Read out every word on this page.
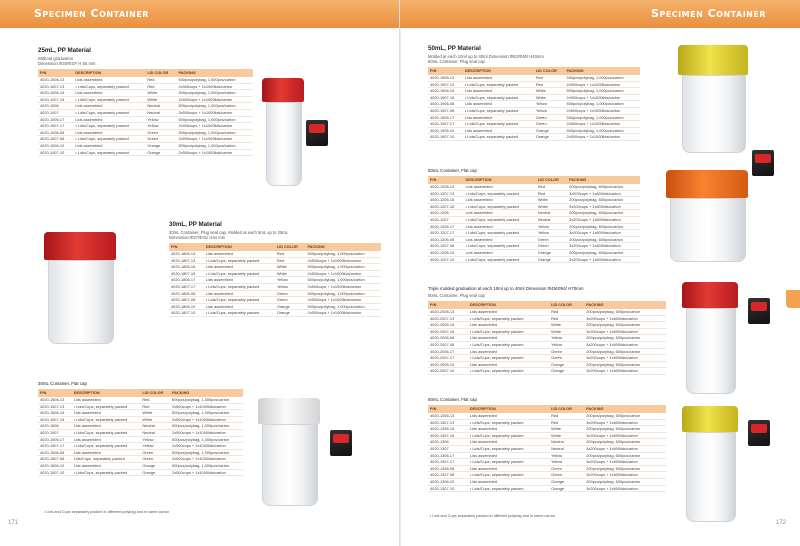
Specimen Container
25mL, PP Material
Without graduation
Dimension:Φ30/Φ37/ H 55 mm
P/N	DESCRIPTION	LID COLOR	PACKING
4020-1006-13	Lids assembled	Red	500pcs/polybag, 1,000pcs/carton
4020-1007-13	• Lids/Cups, separately packed	Red	2x500cups + 1x1000lids/carton
4020-1006-16	Lids assembled	White	500pcs/polybag, 1,000pcs/carton
4020-1007-16	• Lids/Cups, separately packed	White	2x500cups + 1x1000lids/carton
4020-1006	Lids assembled	Neutral	500pcs/polybag, 1,000pcs/carton
4020-1007	• Lids/Cups, separately packed	Neutral	2x500cups + 1x1000lids/carton
4020-1006-17	Lids assembled	Yellow	500pcs/polybag, 1,000pcs/carton
4020-1007-17	• Lids/Cups, separately packed	Yellow	2x500cups + 1x1000lids/carton
4020-1006-08	Lids assembled	Green	500pcs/polybag, 1,000pcs/carton
4020-1007-08	• Lids/Cups, separately packed	Green	2x500cups + 1x1000lids/carton
4020-1006-10	Lids assembled	Orange	500pcs/polybag, 1,000pcs/carton
4020-1007-10	• Lids/Cups, separately packed	Orange	2x500cups + 1x1000lids/carton
30mL, PP Material
30mL Container, Plug seal cap, Molded at each 5mL up to 25mL
Dimension:Φ37/Φ41/ H44 mm
P/N	DESCRIPTION	LID COLOR	PACKING
4020-1806-13	Lids assembled	Red	500pcs/polybag, 1,000pcs/carton
4020-1807-13	• Lids/Cups, separately packed	Red	2x500cups + 1x1000lids/carton
4020-1806-16	Lids assembled	White	500pcs/polybag, 1,000pcs/carton
4020-1807-16	• Lids/Cups, separately packed	White	2x500cups + 1x1000lids/carton
4020-1806-17	Lids assembled	Yellow	500pcs/polybag, 1,000pcs/carton
4020-1807-17	• Lids/Cups, separately packed	Yellow	2x500cups + 1x1000lids/carton
4020-1806-08	Lids assembled	Green	500pcs/polybag, 1,000pcs/carton
4020-1807-08	• Lids/Cups, separately packed	Green	2x500cups + 1x1000lids/carton
4020-1806-10	Lids assembled	Orange	500pcs/polybag, 1,000pcs/carton
4020-1807-10	• Lids/Cups, separately packed	Orange	2x500cups + 1x1000lids/carton
30mL Container, Flat cap
P/N	DESCRIPTION	LID COLOR	PACKING
4020-1506-13	Lids assembled	Red	500pcs/polybag, 1,000pcs/carton
4020-1507-13	• Lids/Cups, separately packed	Red	2x500cups + 1x1000lids/carton
4020-1506-16	Lids assembled	White	500pcs/polybag, 1,000pcs/carton
4020-1507-16	• Lids/Cups, separately packed	White	2x500cups + 1x1000lids/carton
4020-1506	Lids assembled	Neutral	500pcs/polybag, 1,000pcs/carton
4020-1507	• Lids/Cups, separately packed	Neutral	2x500cups + 1x1000lids/carton
4020-1506-17	Lids assembled	Yellow	500pcs/polybag, 1,000pcs/carton
4020-1507-17	• Lids/Cups, separately packed	Yellow	2x500cups + 1x1000lids/carton
4020-1506-08	Lids assembled	Green	500pcs/polybag, 1,000pcs/carton
4020-1507-08	Lids/Cups, separately packed	Green	2x500cups + 1x1000lids/carton
4020-1506-10	Lids assembled	Orange	500pcs/polybag, 1,000pcs/carton
4020-1507-10	• Lids/Cups, separately packed	Orange	2x500cups + 1x1000lids/carton
• Lids and Cups separately packed in different polybag and in same carton
171
Specimen Container
50mL, PP Material
Molded at each 10ml up to 40ml Dimension:Φ53/Φ46/ H43mm
50mL Container, Plug seal cap
P/N	DESCRIPTION	LID COLOR	PACKING
4020-1906-13	Lids assembled	Red	500pcs/polybag, 1,000pcs/carton
4020-1907-13	• Lids/Cups, separately packed	Red	2x500cups + 1x1000lids/carton
4020-1906-16	Lids assembled	White	500pcs/polybag, 1,000pcs/carton
4020-1907-16	• Lids/Cups, separately packed	White	2x500cups + 1x1000lids/carton
4020-1906-08	Lids assembled	Yellow	500pcs/polybag, 1,000pcs/carton
4020-1907-08	• Lids/Cups, separately packed	Yellow	2x500cups + 1x1000lids/carton
4020-1906-17	Lids assembled	Green	500pcs/polybag, 1,000pcs/carton
4020-1907-17	• Lids/Cups, separately packed	Green	2x500cups + 1x1000lids/carton
4020-1906-10	Lids assembled	Orange	500pcs/polybag, 1,000pcs/carton
4020-1907-10	• Lids/Cups, separately packed	Orange	2x500cups + 1x1000lids/carton
50mL Container, Flat cap
P/N	DESCRIPTION	LID COLOR	PACKING
4020-1206-13	Lids assembled	Red	200pcs/polybag, 600pcs/carton
4020-1207-13	• Lids/Cups, separately packed	Red	3x200cups + 1x600lids/carton
4020-1206-16	Lids assembled	White	200pcs/polybag, 600pcs/carton
4020-1207-16	• Lids/Cups, separately packed	White	3x200cups + 1x600lids/carton
4020-1206	Lids assembled	Neutral	200pcs/polybag, 600pcs/carton
4020-1207	• Lids/Cups, separately packed	Neutral	3x200cups + 1x600lids/carton
4020-1206-17	Lids assembled	Yellow	200pcs/polybag, 600pcs/carton
4020-1207-17	• Lids/Cups, separately packed	Yellow	3x200cups + 1x600lids/carton
4020-1206-08	Lids assembled	Green	200pcs/polybag, 600pcs/carton
4020-1207-08	• Lids/Cups, separately packed	Green	3x200cups + 1x600lids/carton
4020-1206-10	Lids assembled	Orange	200pcs/polybag, 600pcs/carton
4020-1207-10	• Lids/Cups, separately packed	Orange	3x200cups + 1x600lids/carton
Triple molded graduation at each 10ml up to 40ml Dimension:Φ45/Φ54/ H70mm
50mL Container, Plug seal cap
P/N	DESCRIPTION	LID COLOR	PACKING
4020-2006-13	Lids assembled	Red	200pcs/polybag, 600pcs/carton
4020-2007-13	• Lids/Cups, separately packed	Red	3x200cups + 1x600lids/carton
4020-2006-16	Lids assembled	White	200pcs/polybag, 600pcs/carton
4020-2007-16	• Lids/Cups, separately packed	White	3x200cups + 1x600lids/carton
4020-2006-08	Lids assembled	Yellow	200pcs/polybag, 600pcs/carton
4020-2007-08	• Lids/Cups, separately packed	Yellow	3x200cups + 1x600lids/carton
4020-2006-17	Lids assembled	Green	200pcs/polybag, 600pcs/carton
4020-2007-17	• Lids/Cups, separately packed	Green	3x200cups + 1x600lids/carton
4020-2006-10	Lids assembled	Orange	200pcs/polybag, 600pcs/carton
4020-2007-10	• Lids/Cups, separately packed	Orange	3x200cups + 1x600lids/carton
50mL Container, Flat cap
P/N	DESCRIPTION	LID COLOR	PACKING
4020-1306-13	Lids assembled	Red	200pcs/polybag, 600pcs/carton
4020-1307-13	• Lids/Cups, separately packed	Red	3x200cups + 1x600lids/carton
4020-1306-16	Lids assembled	White	200pcs/polybag, 600pcs/carton
4020-1307-16	• Lids/Cups, separately packed	White	3x200cups + 1x600lids/carton
4020-1306	Lids assembled	Neutral	200pcs/polybag, 600pcs/carton
4020-1307	• Lids/Cups, separately packed	Neutral	3x200cups + 1x600lids/carton
4020-1306-17	Lids assembled	Yellow	200pcs/polybag, 600pcs/carton
4020-1307-17	• Lids/Cups, separately packed	Yellow	3x200cups + 1x600lids/carton
4020-1306-08	Lids assembled	Green	200pcs/polybag, 600pcs/carton
4020-1307-08	• Lids/Cups, separately packed	Green	3x200cups + 1x600lids/carton
4020-1306-10	Lids assembled	Orange	200pcs/polybag, 600pcs/carton
4020-1307-10	• Lids/Cups, separately packed	Orange	3x200cups + 1x600lids/carton
• Lids and Cups separately packed in different polybag and in same carton
172
